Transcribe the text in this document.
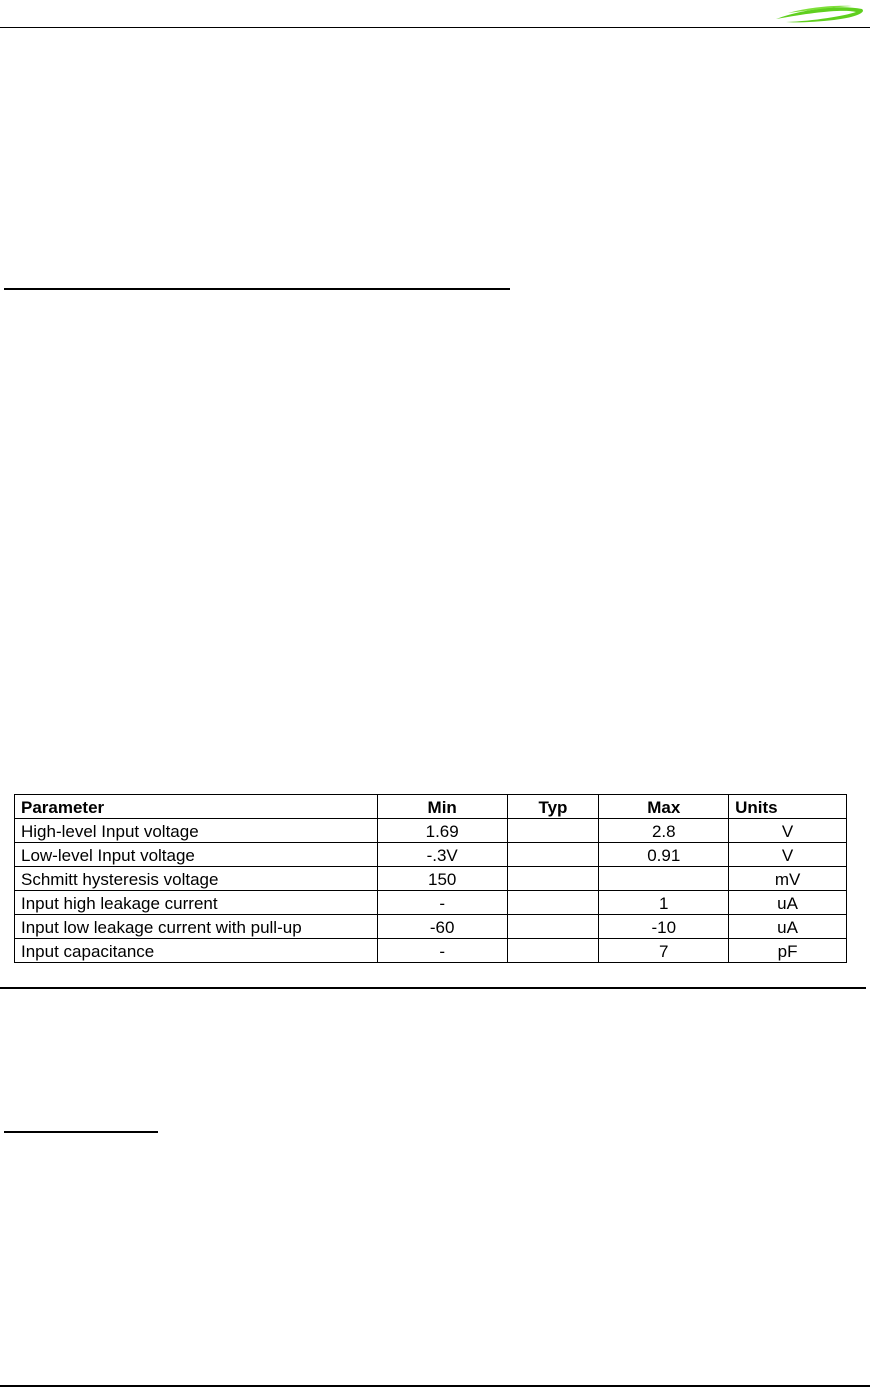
Parameter	Min	Typ	Max	Units
High-level Input voltage	1.69		2.8	V
Low-level Input voltage	-.3V		0.91	V
Schmitt hysteresis voltage	150			mV
Input high leakage current	-		1	uA
Input low leakage current with pull-up	-60		-10	uA
Input capacitance	-		7	pF
